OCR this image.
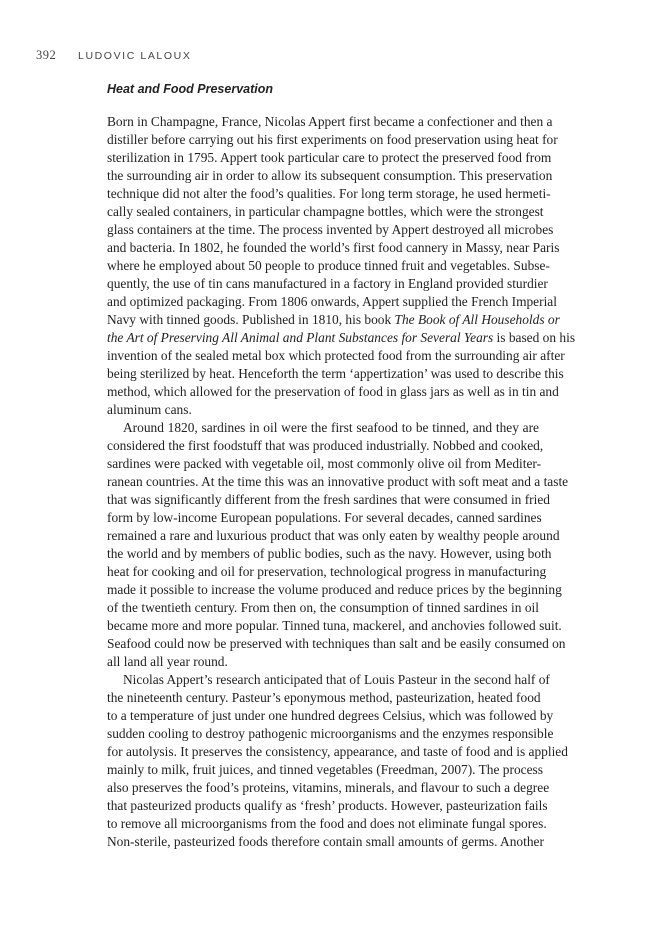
392 LUDOVIC LALOUX
Heat and Food Preservation
Born in Champagne, France, Nicolas Appert first became a confectioner and then a
distiller before carrying out his first experiments on food preservation using heat for
sterilization in 1795. Appert took particular care to protect the preserved food from
the surrounding air in order to allow its subsequent consumption. This preservation
technique did not alter the food’s qualities. For long term storage, he used hermeti-
cally sealed containers, in particular champagne bottles, which were the strongest
glass containers at the time. The process invented by Appert destroyed all microbes
and bacteria. In 1802, he founded the world’s first food cannery in Massy, near Paris
where he employed about 50 people to produce tinned fruit and vegetables. Subse-
quently, the use of tin cans manufactured in a factory in England provided sturdier
and optimized packaging. From 1806 onwards, Appert supplied the French Imperial
Navy with tinned goods. Published in 1810, his book The Book of All Households or
the Art of Preserving All Animal and Plant Substances for Several Years is based on his
invention of the sealed metal box which protected food from the surrounding air after
being sterilized by heat. Henceforth the term ‘appertization’ was used to describe this
method, which allowed for the preservation of food in glass jars as well as in tin and
aluminum cans.
Around 1820, sardines in oil were the first seafood to be tinned, and they are
considered the first foodstuff that was produced industrially. Nobbed and cooked,
sardines were packed with vegetable oil, most commonly olive oil from Mediter-
ranean countries. At the time this was an innovative product with soft meat and a taste
that was significantly different from the fresh sardines that were consumed in fried
form by low-income European populations. For several decades, canned sardines
remained a rare and luxurious product that was only eaten by wealthy people around
the world and by members of public bodies, such as the navy. However, using both
heat for cooking and oil for preservation, technological progress in manufacturing
made it possible to increase the volume produced and reduce prices by the beginning
of the twentieth century. From then on, the consumption of tinned sardines in oil
became more and more popular. Tinned tuna, mackerel, and anchovies followed suit.
Seafood could now be preserved with techniques than salt and be easily consumed on
all land all year round.
Nicolas Appert’s research anticipated that of Louis Pasteur in the second half of
the nineteenth century. Pasteur’s eponymous method, pasteurization, heated food
to a temperature of just under one hundred degrees Celsius, which was followed by
sudden cooling to destroy pathogenic microorganisms and the enzymes responsible
for autolysis. It preserves the consistency, appearance, and taste of food and is applied
mainly to milk, fruit juices, and tinned vegetables (Freedman, 2007). The process
also preserves the food’s proteins, vitamins, minerals, and flavour to such a degree
that pasteurized products qualify as ‘fresh’ products. However, pasteurization fails
to remove all microorganisms from the food and does not eliminate fungal spores.
Non-sterile, pasteurized foods therefore contain small amounts of germs. Another
